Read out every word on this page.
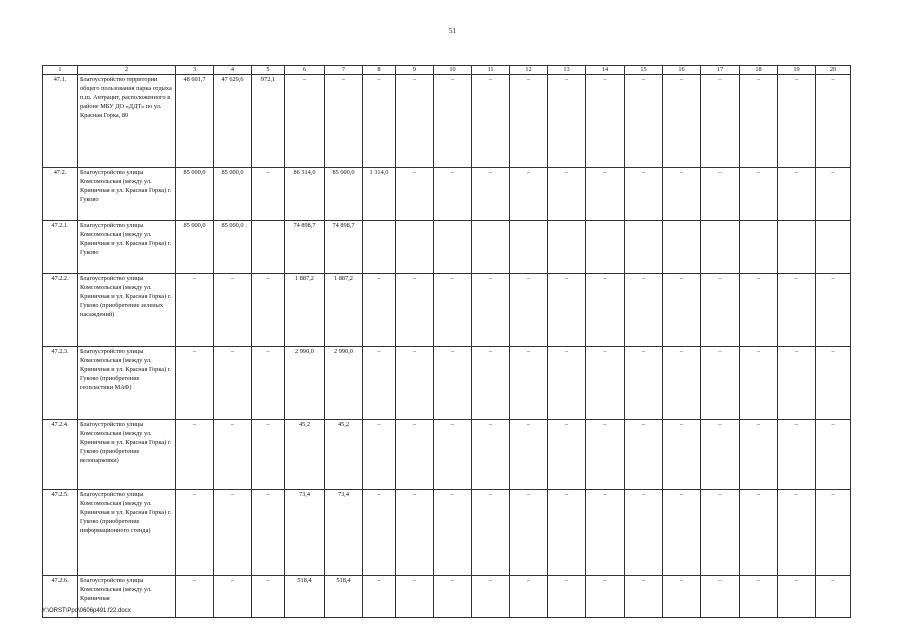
51
1	2	3	4	5	6	7	8	9	10	11	12	13	14	15	16	17	18	19	20
47.1.	Благоустройство территории общего пользования парка отдыха п.ш. Антрацит, расположенного в районе МБУ ДО «ДДТ» по ул. Красная Горка, 80	48 601,7	47 629,6	972,1	–	–	–	–	–	–	–	–	–	–	–	–	–	–	–
47.2.	Благоустройство улицы Комсомольская (между ул. Криничная и ул. Красная Горка) г. Гуково	85 000,0	85 000,0	–	86 314,0	85 000,0	1 314,0	–	–	–	–	–	–	–	–	–	–	–	–
47.2.1.	Благоустройство улицы Комсомольская (между ул. Криничная и ул. Красная Горка) г. Гуково	85 000,0	85 000,0		74 898,7	74 898,7													
47.2.2.	Благоустройство улицы Комсомольская (между ул. Криничная и ул. Красная Горка) г. Гуково (приобретение зеленых насаждений)	–	–	–	1 887,2	1 887,2	–	–	–	–	–	–	–	–	–	–	–	–	–
47.2.3.	Благоустройство улицы Комсомольская (между ул. Криничная и ул. Красная Горка) г. Гуково (приобретение геопластики МАФ)	–	–	–	2 990,0	2 990,0	–	–	–	–	–	–	–	–	–	–	–	–	–
47.2.4.	Благоустройство улицы Комсомольская (между ул. Криничная и ул. Красная Горка) г. Гуково (приобретение велопарковки)	–	–	–	45,2	45,2	–	–	–	–	–	–	–	–	–	–	–	–	–
47.2.5.	Благоустройство улицы Комсомольская (между ул. Криничная и ул. Красная Горка) г. Гуково (приобретение информационного стенда)	–	–	–	73,4	73,4	–	–	–	–	–	–	–	–	–	–	–	–	–
47.2.6.	Благоустройство улицы Комсомольская (между ул. Криничная	–	–	–	518,4	518,4	–	–	–	–	–	–	–	–	–	–	–	–	–
Y:\ORST\Ppo\0606p491.f22.docx
